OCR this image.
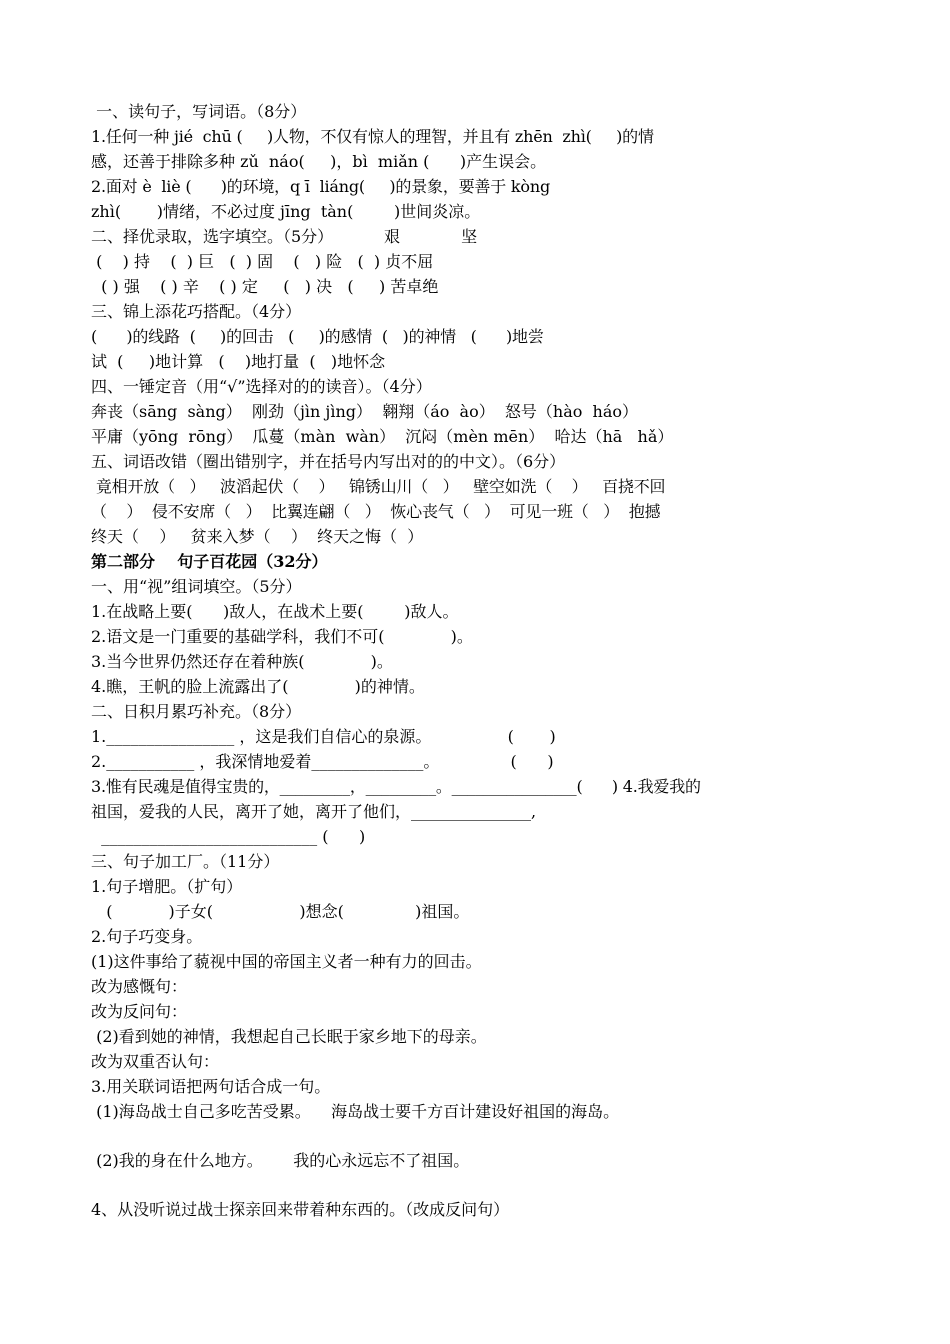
一、读句子，写词语。（8分）
1.任何一种 jié  chū (     )人物，不仅有惊人的理智，并且有 zhēn  zhì(     )的情
感，还善于排除多种 zǔ  náo(     )，bì  miǎn (      )产生误会。
2.面对 è  liè (      )的环境，q ī  liáng(     )的景象，要善于 kòng
zhì(       )情绪，不必过度 jīng  tàn(        )世间炎凉。
二、择优录取，选字填空。（5分）          艰            坚
(    ) 持    (  ) 巨   (  ) 固    (   ) 险   (  ) 贞不屈
( ) 强    ( ) 辛    ( ) 定     (   ) 决   (     ) 苦卓绝
三、锦上添花巧搭配。（4分）
(      )的线路  (     )的回击   (     )的感情  (   )的神情   (      )地尝
试  (     )地计算   (    )地打量  (   )地怀念
四、一锤定音（用“√”选择对的的读音）。（4分）
奔丧（sāng  sàng）  刚劲（jìn jìng）  翱翔（áo  ào）  怒号（hào  háo）
平庸（yōng  rōng）  瓜蔓（màn  wàn）  沉闷（mèn mēn）  哈达（hā   hǎ）
五、词语改错（圈出错别字，并在括号内写出对的的中文）。（6分）
竟相开放（   ）   波滔起伏（    ）   锦锈山川（   ）   壁空如洗（    ）   百挠不回
（    ）  侵不安席（   ）  比翼连翩（   ）  恢心丧气（   ）  可见一班（   ）  抱撼
终天（    ）   贫来入梦（    ）  终天之悔（  ）
第二部分    句子百花园（32分）
一、用“视”组词填空。（5分）
1.在战略上要(      )敌人，在战术上要(        )敌人。
2.语文是一门重要的基础学科，我们不可(             )。
3.当今世界仍然还存在着种族(             )。
4.瞧，王帆的脸上流露出了(             )的神情。
二、日积月累巧补充。（8分）
1.________________ ，这是我们自信心的泉源。               (       )
2.___________ ，我深情地爱着______________。              (      )
3.惟有民魂是值得宝贵的，_________，_________。________________(      ) 4.我爱我的
祖国，爱我的人民，离开了她，离开了他们，_______________,
___________________________ (      )
三、句子加工厂。（11分）
1.句子增肥。（扩句）
(           )子女(                 )想念(              )祖国。
2.句子巧变身。
(1)这件事给了藐视中国的帝国主义者一种有力的回击。
改为感慨句：
改为反问句：
(2)看到她的神情，我想起自己长眠于家乡地下的母亲。
改为双重否认句：
3.用关联词语把两句话合成一句。
(1)海岛战士自己多吃苦受累。    海岛战士要千方百计建设好祖国的海岛。
(2)我的身在什么地方。      我的心永远忘不了祖国。
4、从没听说过战士探亲回来带着种东西的。（改成反问句）
